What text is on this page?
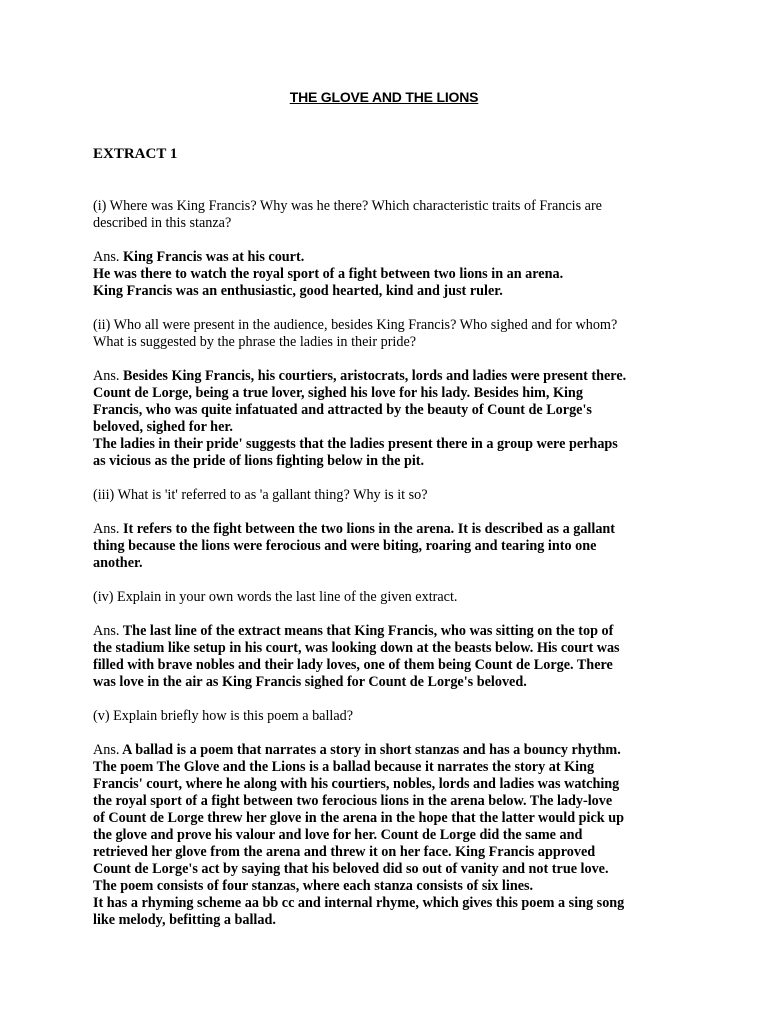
THE GLOVE AND THE LIONS
EXTRACT 1
(i) Where was King Francis? Why was he there? Which characteristic traits of Francis are
described in this stanza?
Ans. King Francis was at his court.
He was there to watch the royal sport of a fight between two lions in an arena.
King Francis was an enthusiastic, good hearted, kind and just ruler.
(ii) Who all were present in the audience, besides King Francis? Who sighed and for whom?
What is suggested by the phrase the ladies in their pride?
Ans. Besides King Francis, his courtiers, aristocrats, lords and ladies were present there.
Count de Lorge, being a true lover, sighed his love for his lady. Besides him, King
Francis, who was quite infatuated and attracted by the beauty of Count de Lorge's
beloved, sighed for her.
The ladies in their pride' suggests that the ladies present there in a group were perhaps
as vicious as the pride of lions fighting below in the pit.
(iii) What is 'it' referred to as 'a gallant thing? Why is it so?
Ans. It refers to the fight between the two lions in the arena. It is described as a gallant
thing because the lions were ferocious and were biting, roaring and tearing into one
another.
(iv) Explain in your own words the last line of the given extract.
Ans. The last line of the extract means that King Francis, who was sitting on the top of
the stadium like setup in his court, was looking down at the beasts below. His court was
filled with brave nobles and their lady loves, one of them being Count de Lorge. There
was love in the air as King Francis sighed for Count de Lorge's beloved.
(v) Explain briefly how is this poem a ballad?
Ans. A ballad is a poem that narrates a story in short stanzas and has a bouncy rhythm.
The poem The Glove and the Lions is a ballad because it narrates the story at King
Francis' court, where he along with his courtiers, nobles, lords and ladies was watching
the royal sport of a fight between two ferocious lions in the arena below. The lady-love
of Count de Lorge threw her glove in the arena in the hope that the latter would pick up
the glove and prove his valour and love for her. Count de Lorge did the same and
retrieved her glove from the arena and threw it on her face. King Francis approved
Count de Lorge's act by saying that his beloved did so out of vanity and not true love.
The poem consists of four stanzas, where each stanza consists of six lines.
It has a rhyming scheme aa bb cc and internal rhyme, which gives this poem a sing song
like melody, befitting a ballad.
